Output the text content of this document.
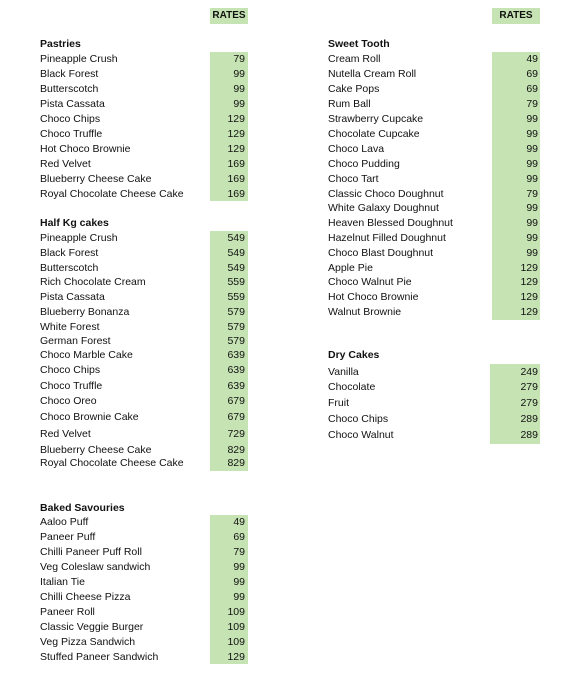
RATES
Pastries
Pineapple Crush	79
Black Forest	99
Butterscotch	99
Pista Cassata	99
Choco Chips	129
Choco Truffle	129
Hot Choco Brownie	129
Red Velvet	169
Blueberry Cheese Cake	169
Royal Chocolate Cheese Cake	169
Half Kg cakes
Pineapple Crush	549
Black Forest	549
Butterscotch	549
Rich Chocolate Cream	559
Pista Cassata	559
Blueberry Bonanza	579
White Forest	579
German Forest	579
Choco Marble Cake	639
Choco Chips	639
Choco Truffle	639
Choco Oreo	679
Choco Brownie Cake	679
Red Velvet	729
Blueberry Cheese Cake	829
Royal Chocolate Cheese Cake	829
Baked Savouries
Aaloo Puff	49
Paneer Puff	69
Chilli Paneer Puff Roll	79
Veg Coleslaw sandwich	99
Italian Tie	99
Chilli Cheese Pizza	99
Paneer Roll	109
Classic Veggie Burger	109
Veg Pizza Sandwich	109
Stuffed Paneer Sandwich	129
RATES
Sweet Tooth
Cream Roll	49
Nutella Cream Roll	69
Cake Pops	69
Rum Ball	79
Strawberry Cupcake	99
Chocolate Cupcake	99
Choco Lava	99
Choco Pudding	99
Choco Tart	99
Classic Choco Doughnut	79
White Galaxy Doughnut	99
Heaven Blessed Doughnut	99
Hazelnut Filled Doughnut	99
Choco Blast Doughnut	99
Apple Pie	129
Choco Walnut Pie	129
Hot Choco Brownie	129
Walnut Brownie	129
Dry Cakes
Vanilla	249
Chocolate	279
Fruit	279
Choco Chips	289
Choco Walnut	289
